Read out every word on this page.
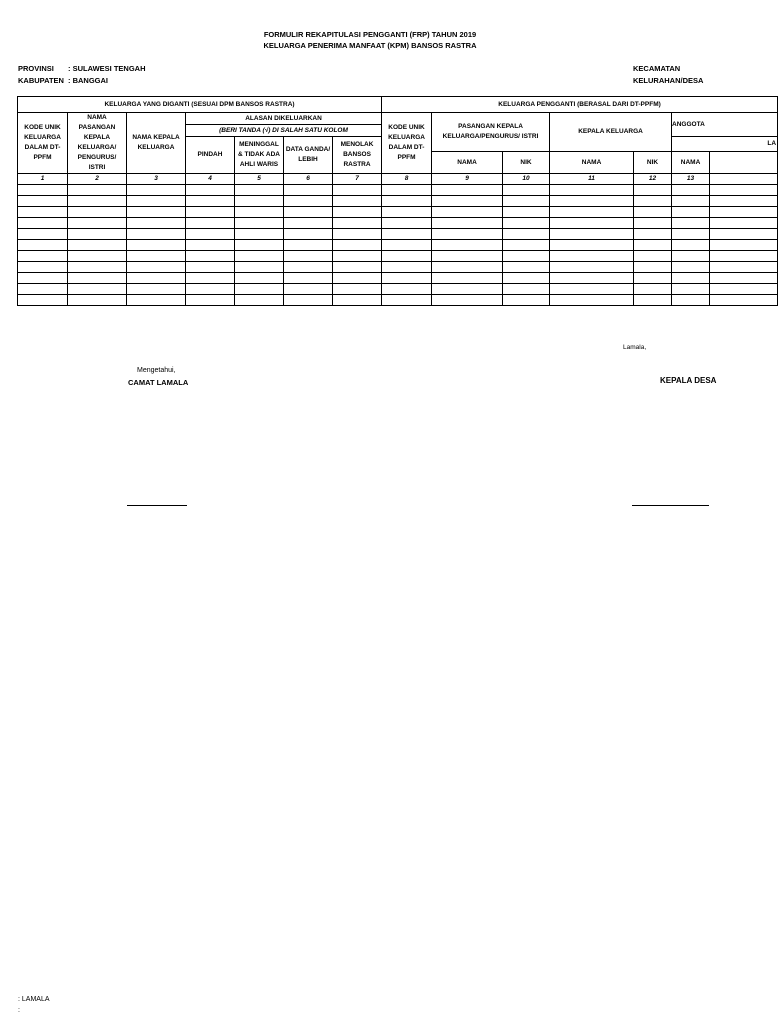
FORMULIR REKAPITULASI PENGGANTI (FRP) TAHUN 2019
KELUARGA PENERIMA MANFAAT (KPM) BANSOS RASTRA
PROVINSI : SULAWESI TENGAH
KABUPATEN : BANGGAI
KECAMATAN
KELURAHAN/DESA
KELUARGA YANG DIGANTI (SESUAI DPM BANSOS RASTRA)							KELUARGA PENGGANTI (BERASAL DARI DT-PPFM)						
KODE UNIK KELUARGA DALAM DT-PPFM	NAMA PASANGAN KEPALA KELUARGA/ PENGURUS/ ISTRI	NAMA KEPALA KELUARGA	ALASAN DIKELUARKAN				KODE UNIK KELUARGA DALAM DT-PPFM	PASANGAN KEPALA KELUARGA/PENGURUS/ ISTRI		KEPALA KELUARGA		ANGGOTA	
			(BERI TANDA (√) DI SALAH SATU KOLOM										
			PINDAH	MENINGGAL & TIDAK ADA AHLI WARIS	DATA GANDA/ LEBIH	MENOLAK BANSOS RASTRA						LA	
								NAMA	NIK	NAMA	NIK	NAMA	

1	2	3	4	5	6	7	8	9	10	11	12	13	

Lamala,
Mengetahui,
CAMAT LAMALA	KEPALA DESA
: LAMALA
:
